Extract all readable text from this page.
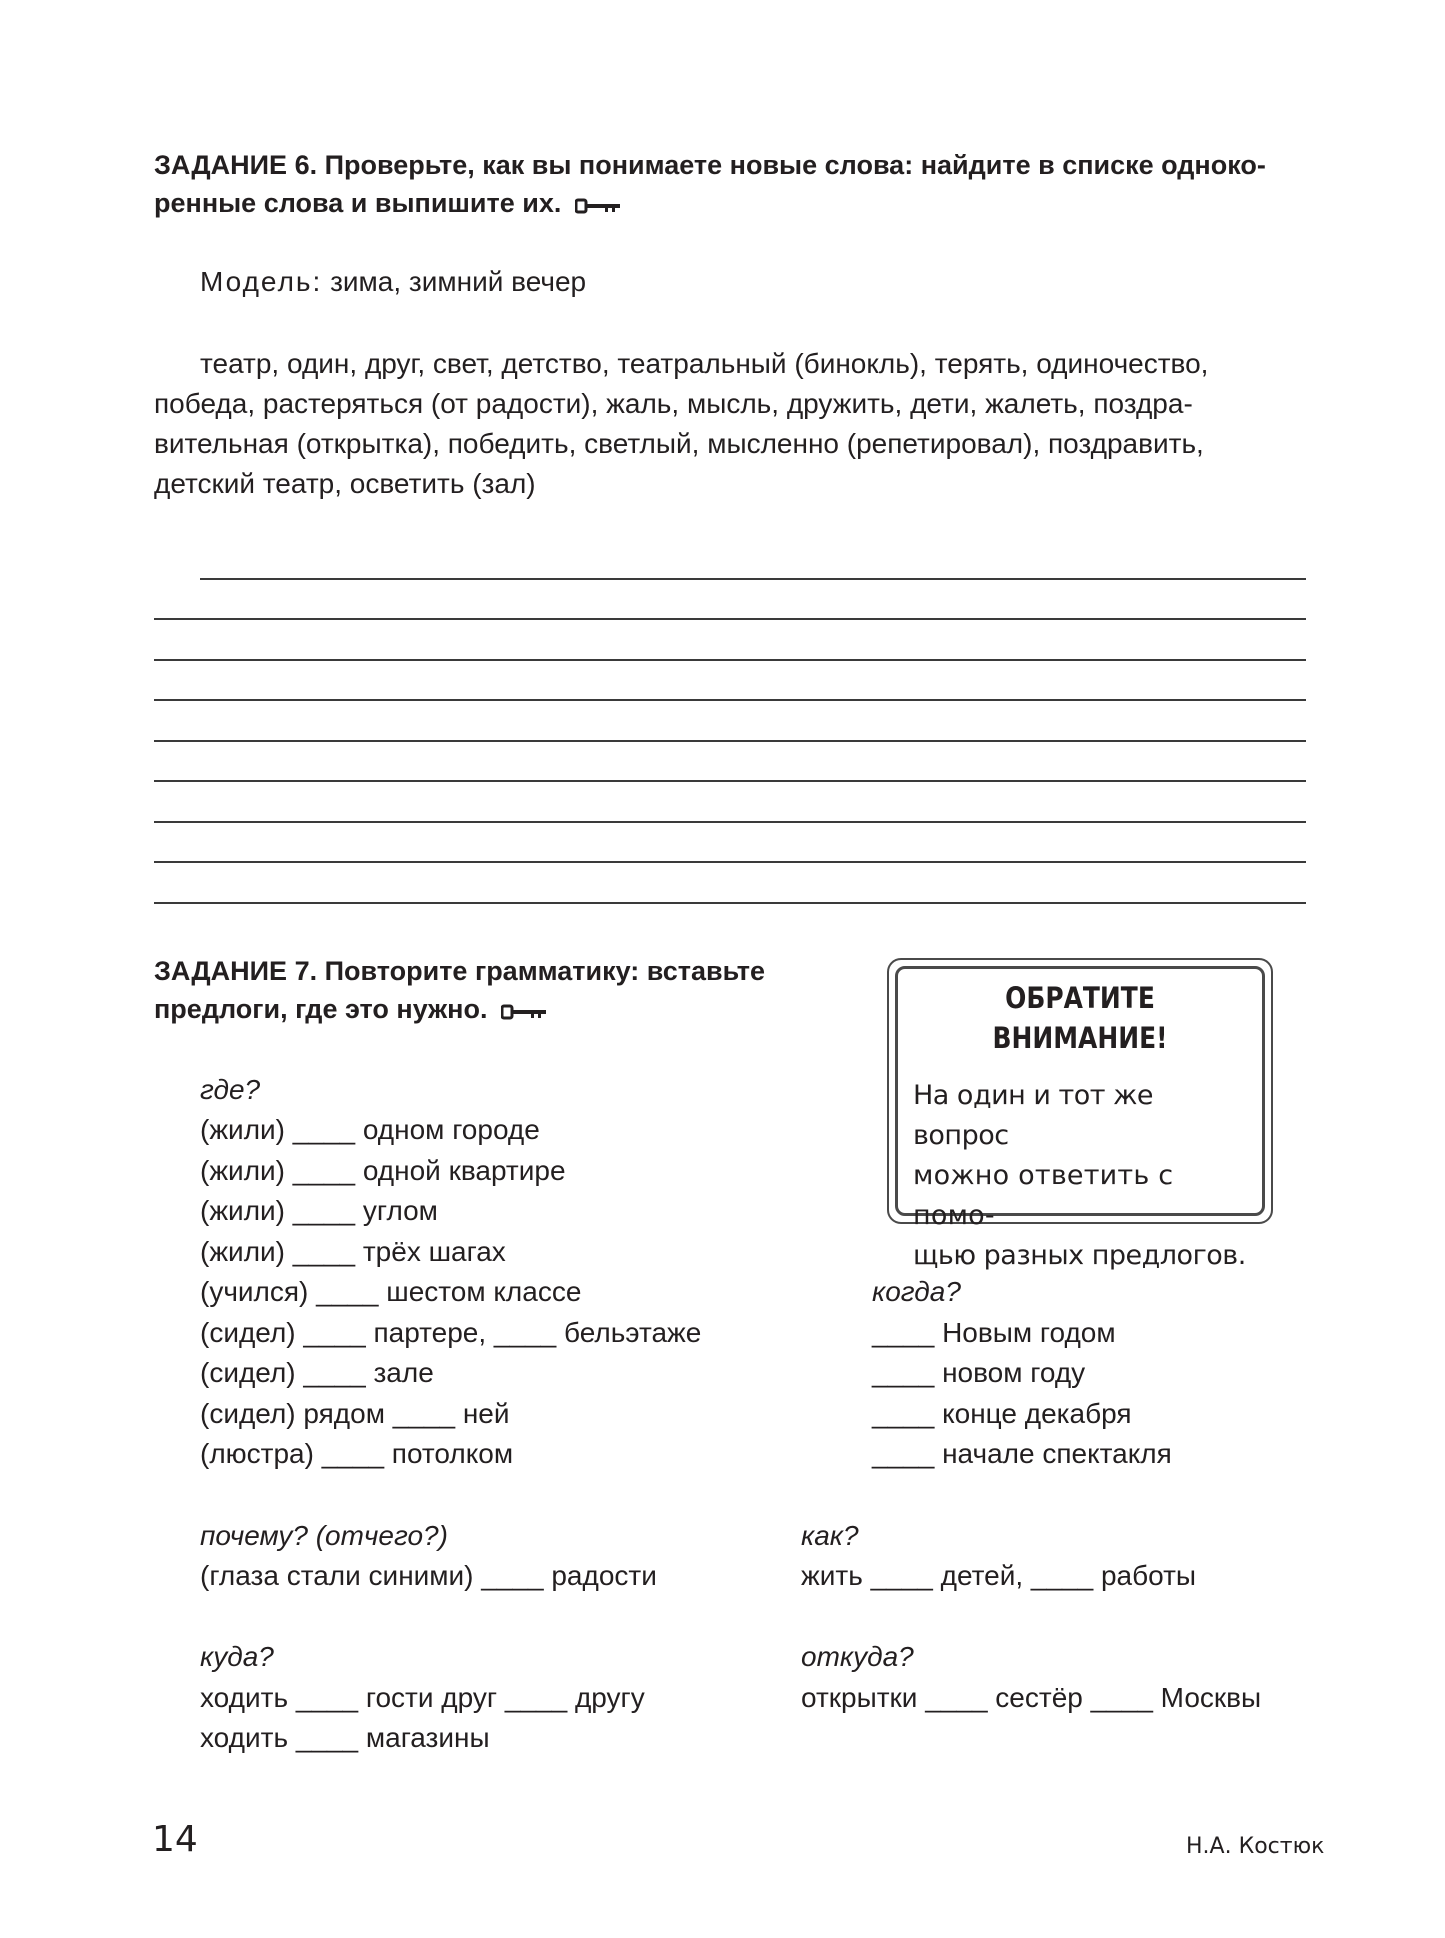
ЗАДАНИЕ 6. Проверьте, как вы понимаете новые слова: найдите в списке одноко-
ренные слова и выпишите их.
Модель: зима, зимний вечер
театр, один, друг, свет, детство, театральный (бинокль), терять, одиночество,
победа, растеряться (от радости), жаль, мысль, дружить, дети, жалеть, поздра-
вительная (открытка), победить, светлый, мысленно (репетировал), поздравить,
детский театр, осветить (зал)
ЗАДАНИЕ 7. Повторите грамматику: вставьте
предлоги, где это нужно.	ОБРАТИТЕ
ВНИМАНИЕ!
На один и тот же вопрос
можно ответить с помо-
щью разных предлогов.
где?
(жили) ____ одном городе
(жили) ____ одной квартире
(жили) ____ углом
(жили) ____ трёх шагах
(учился) ____ шестом классе
(сидел) ____ партере, ____ бельэтаже
(сидел) ____ зале
(сидел) рядом ____ ней
(люстра) ____ потолком
когда?
____ Новым годом
____ новом году
____ конце декабря
____ начале спектакля
почему? (отчего?)
(глаза стали синими) ____ радости
как?
жить ____ детей, ____ работы
куда?
ходить ____ гости друг ____ другу
ходить ____ магазины
откуда?
открытки ____ сестёр ____ Москвы
14	Н.А. Костюк
